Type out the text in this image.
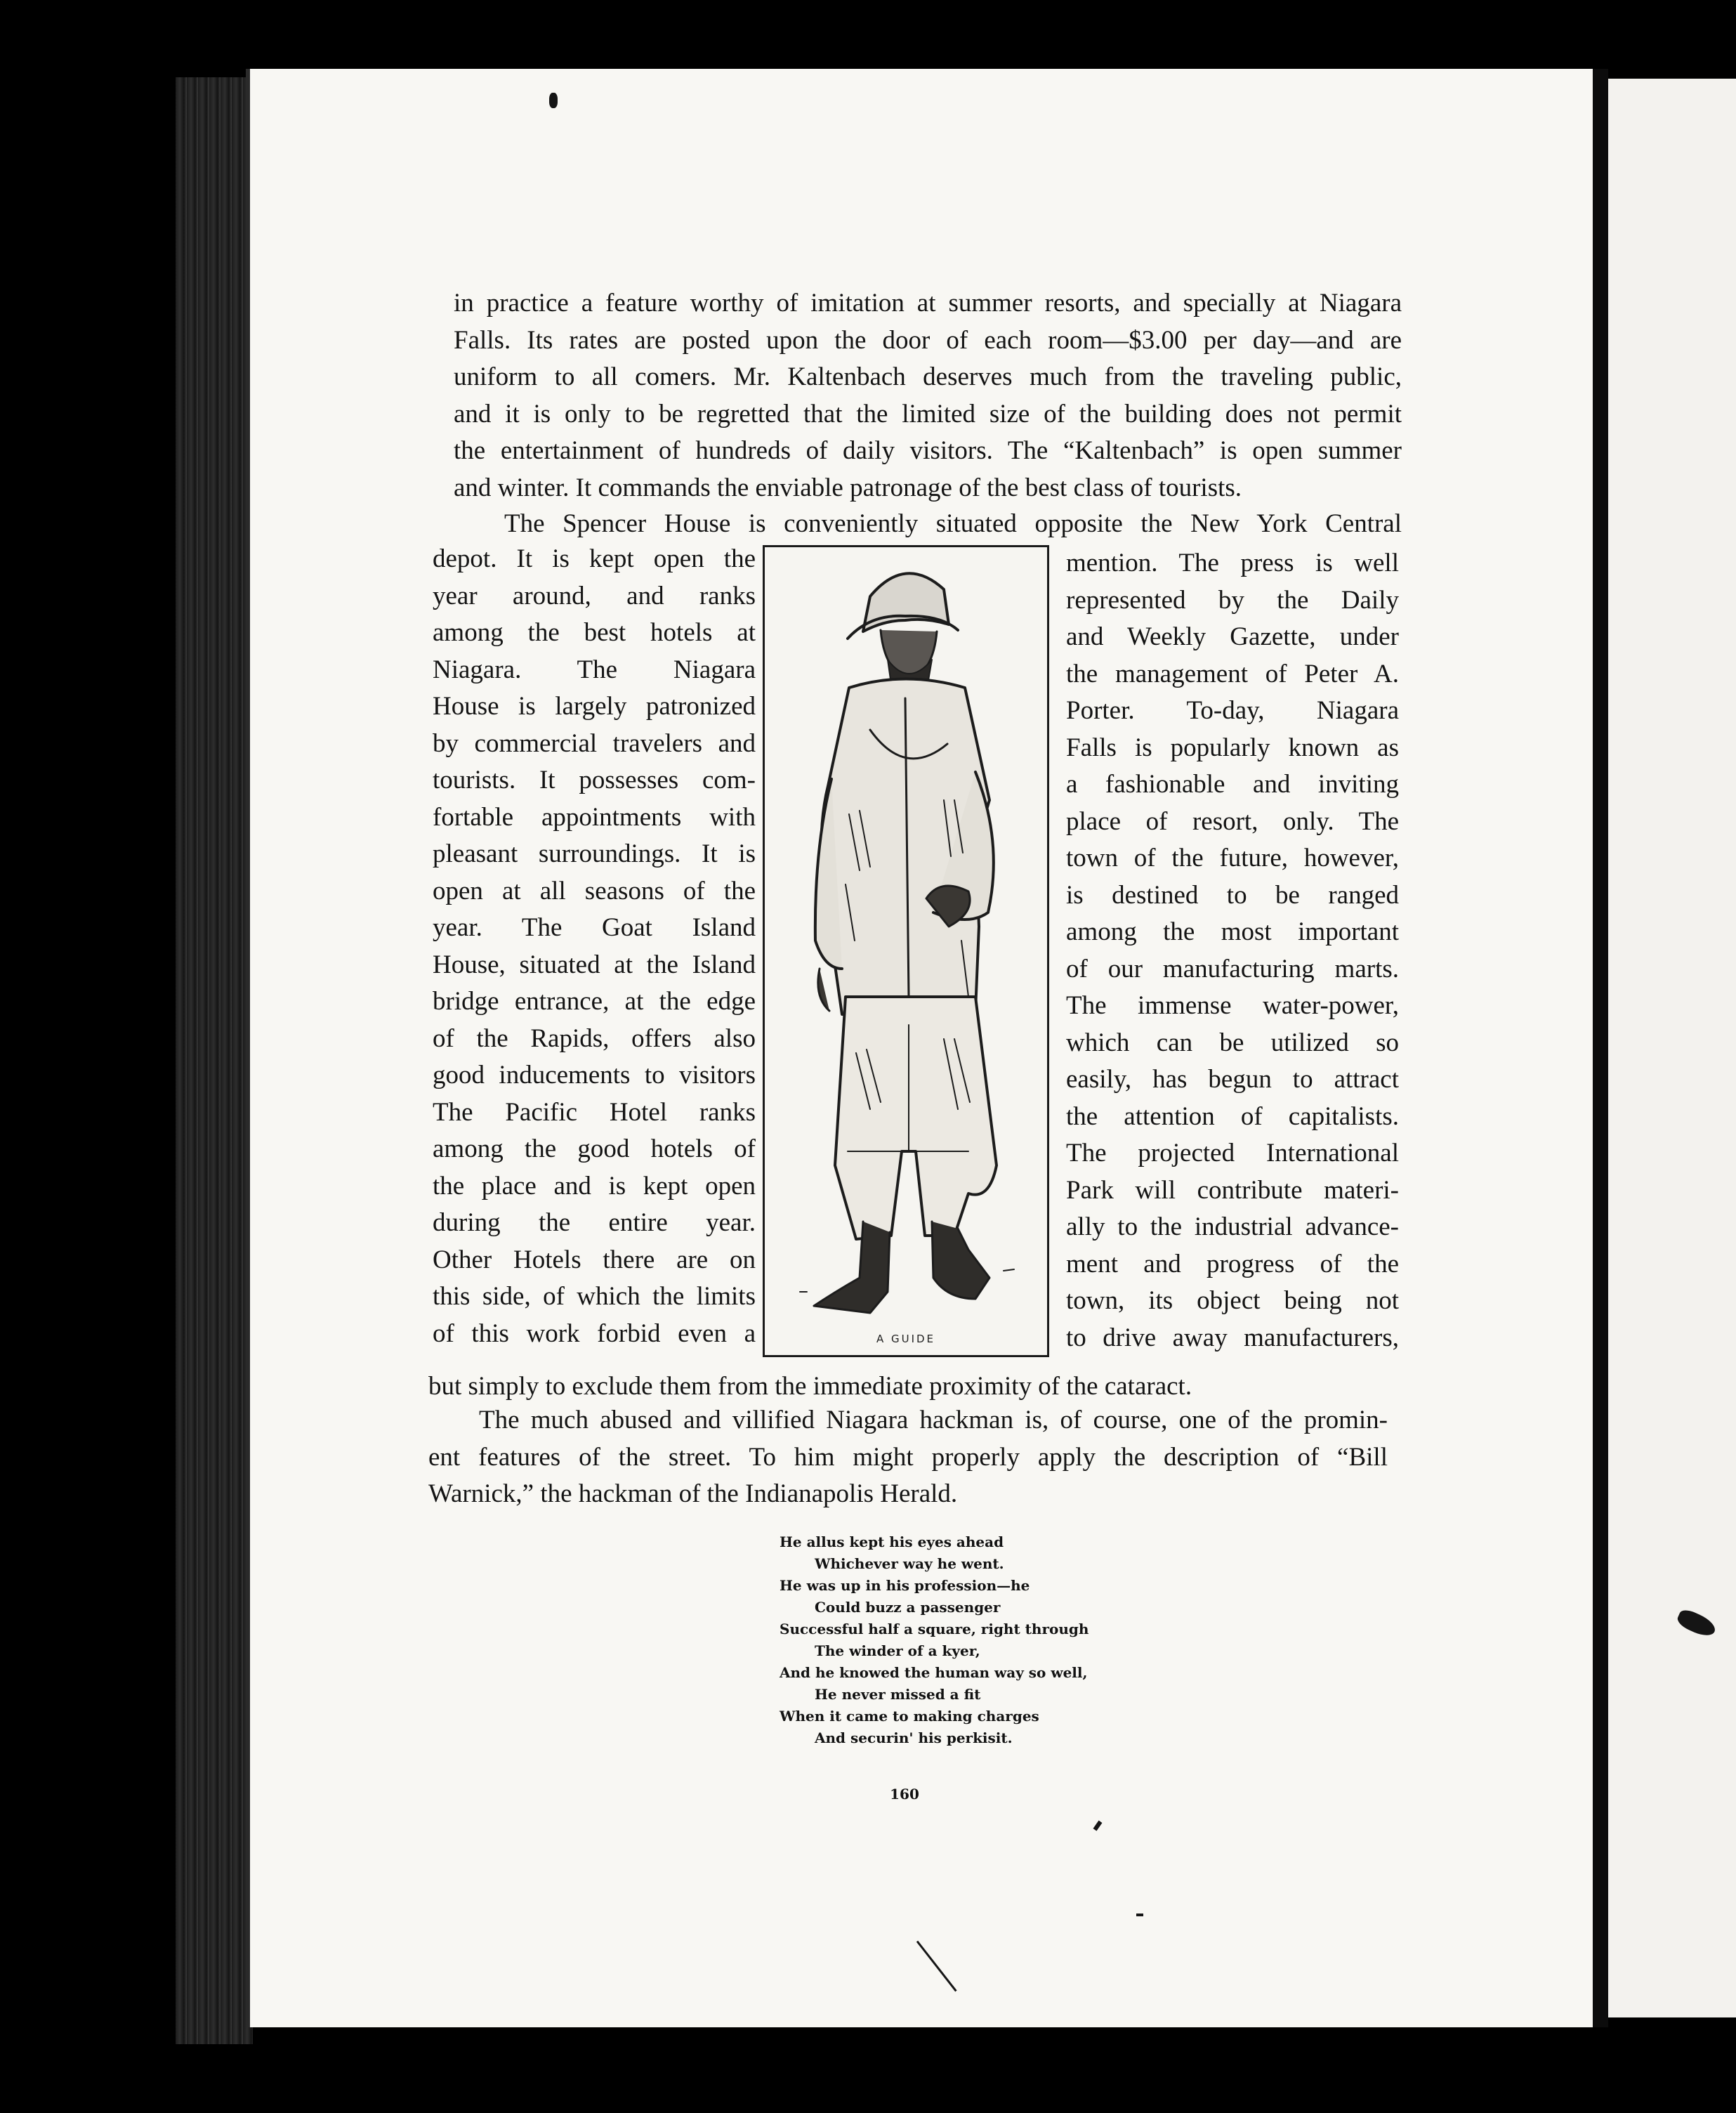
in practice a feature worthy of imitation at summer resorts, and specially at Niagara
Falls. Its rates are posted upon the door of each room—$3.00 per day—and are
uniform to all comers. Mr. Kaltenbach deserves much from the traveling public,
and it is only to be regretted that the limited size of the building does not permit
the entertainment of hundreds of daily visitors. The “Kaltenbach” is open summer
and winter. It commands the enviable patronage of the best class of tourists.
The Spencer House is conveniently situated opposite the New York Central
depot. It is kept open the
year around, and ranks
among the best hotels at
Niagara. The Niagara
House is largely patronized
by commercial travelers and
tourists. It possesses com-
fortable appointments with
pleasant surroundings. It is
open at all seasons of the
year. The Goat Island
House, situated at the Island
bridge entrance, at the edge
of the Rapids, offers also
good inducements to visitors
The Pacific Hotel ranks
among the good hotels of
the place and is kept open
during the entire year.
Other Hotels there are on
this side, of which the limits
of this work forbid even a	A GUIDE
mention. The press is well
represented by the Daily
and Weekly Gazette, under
the management of Peter A.
Porter. To-day, Niagara
Falls is popularly known as
a fashionable and inviting
place of resort, only. The
town of the future, however,
is destined to be ranged
among the most important
of our manufacturing marts.
The immense water-power,
which can be utilized so
easily, has begun to attract
the attention of capitalists.
The projected International
Park will contribute materi-
ally to the industrial advance-
ment and progress of the
town, its object being not
to drive away manufacturers,
but simply to exclude them from the immediate proximity of the cataract.
The much abused and villified Niagara hackman is, of course, one of the promin-
ent features of the street. To him might properly apply the description of “Bill
Warnick,” the hackman of the Indianapolis Herald.
He allus kept his eyes ahead
Whichever way he went.
He was up in his profession—he
Could buzz a passenger
Successful half a square, right through
The winder of a kyer,
And he knowed the human way so well,
He never missed a fit
When it came to making charges
And securin' his perkisit.
160
